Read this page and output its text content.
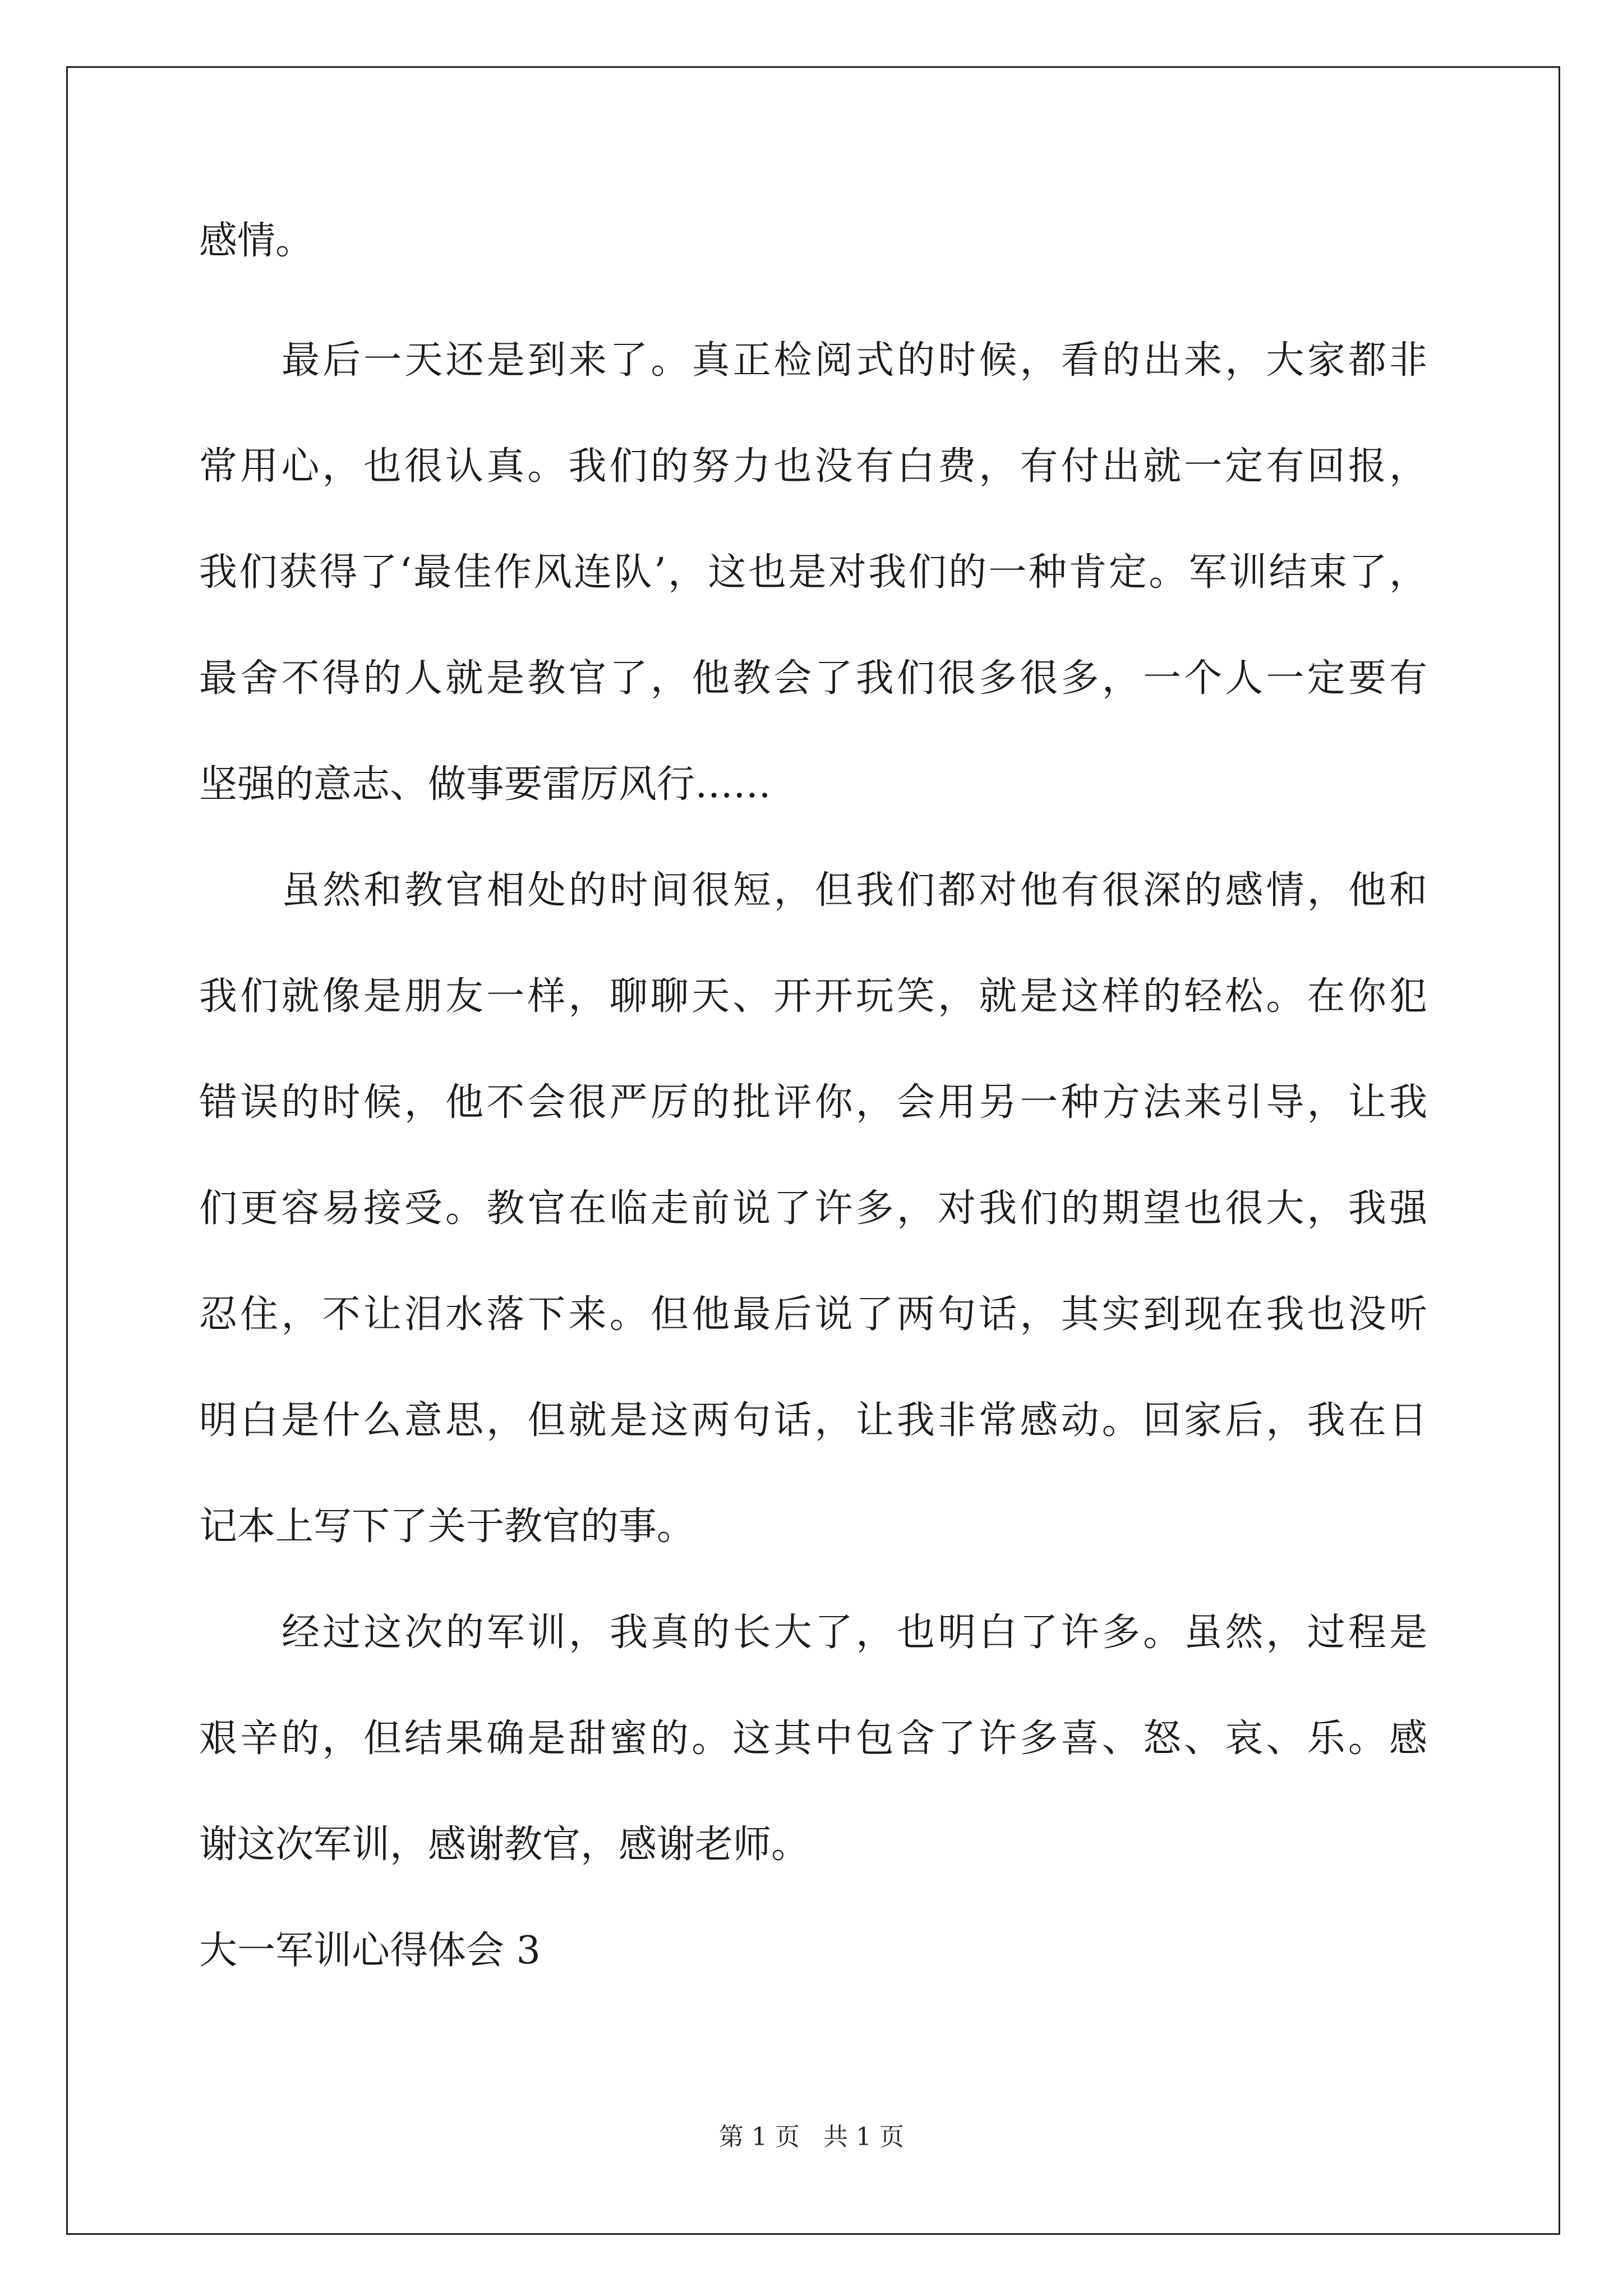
感情。
最后一天还是到来了。真正检阅式的时候，看的出来，大家都非
常用心，也很认真。我们的努力也没有白费，有付出就一定有回报，
我们获得了‘最佳作风连队’，这也是对我们的一种肯定。军训结束了，
最舍不得的人就是教官了，他教会了我们很多很多，一个人一定要有
坚强的意志、做事要雷厉风行……
虽然和教官相处的时间很短，但我们都对他有很深的感情，他和
我们就像是朋友一样，聊聊天、开开玩笑，就是这样的轻松。在你犯
错误的时候，他不会很严厉的批评你，会用另一种方法来引导，让我
们更容易接受。教官在临走前说了许多，对我们的期望也很大，我强
忍住，不让泪水落下来。但他最后说了两句话，其实到现在我也没听
明白是什么意思，但就是这两句话，让我非常感动。回家后，我在日
记本上写下了关于教官的事。
经过这次的军训，我真的长大了，也明白了许多。虽然，过程是
艰辛的，但结果确是甜蜜的。这其中包含了许多喜、怒、哀、乐。感
谢这次军训，感谢教官，感谢老师。
大一军训心得体会 3
第 1 页 共 1 页
